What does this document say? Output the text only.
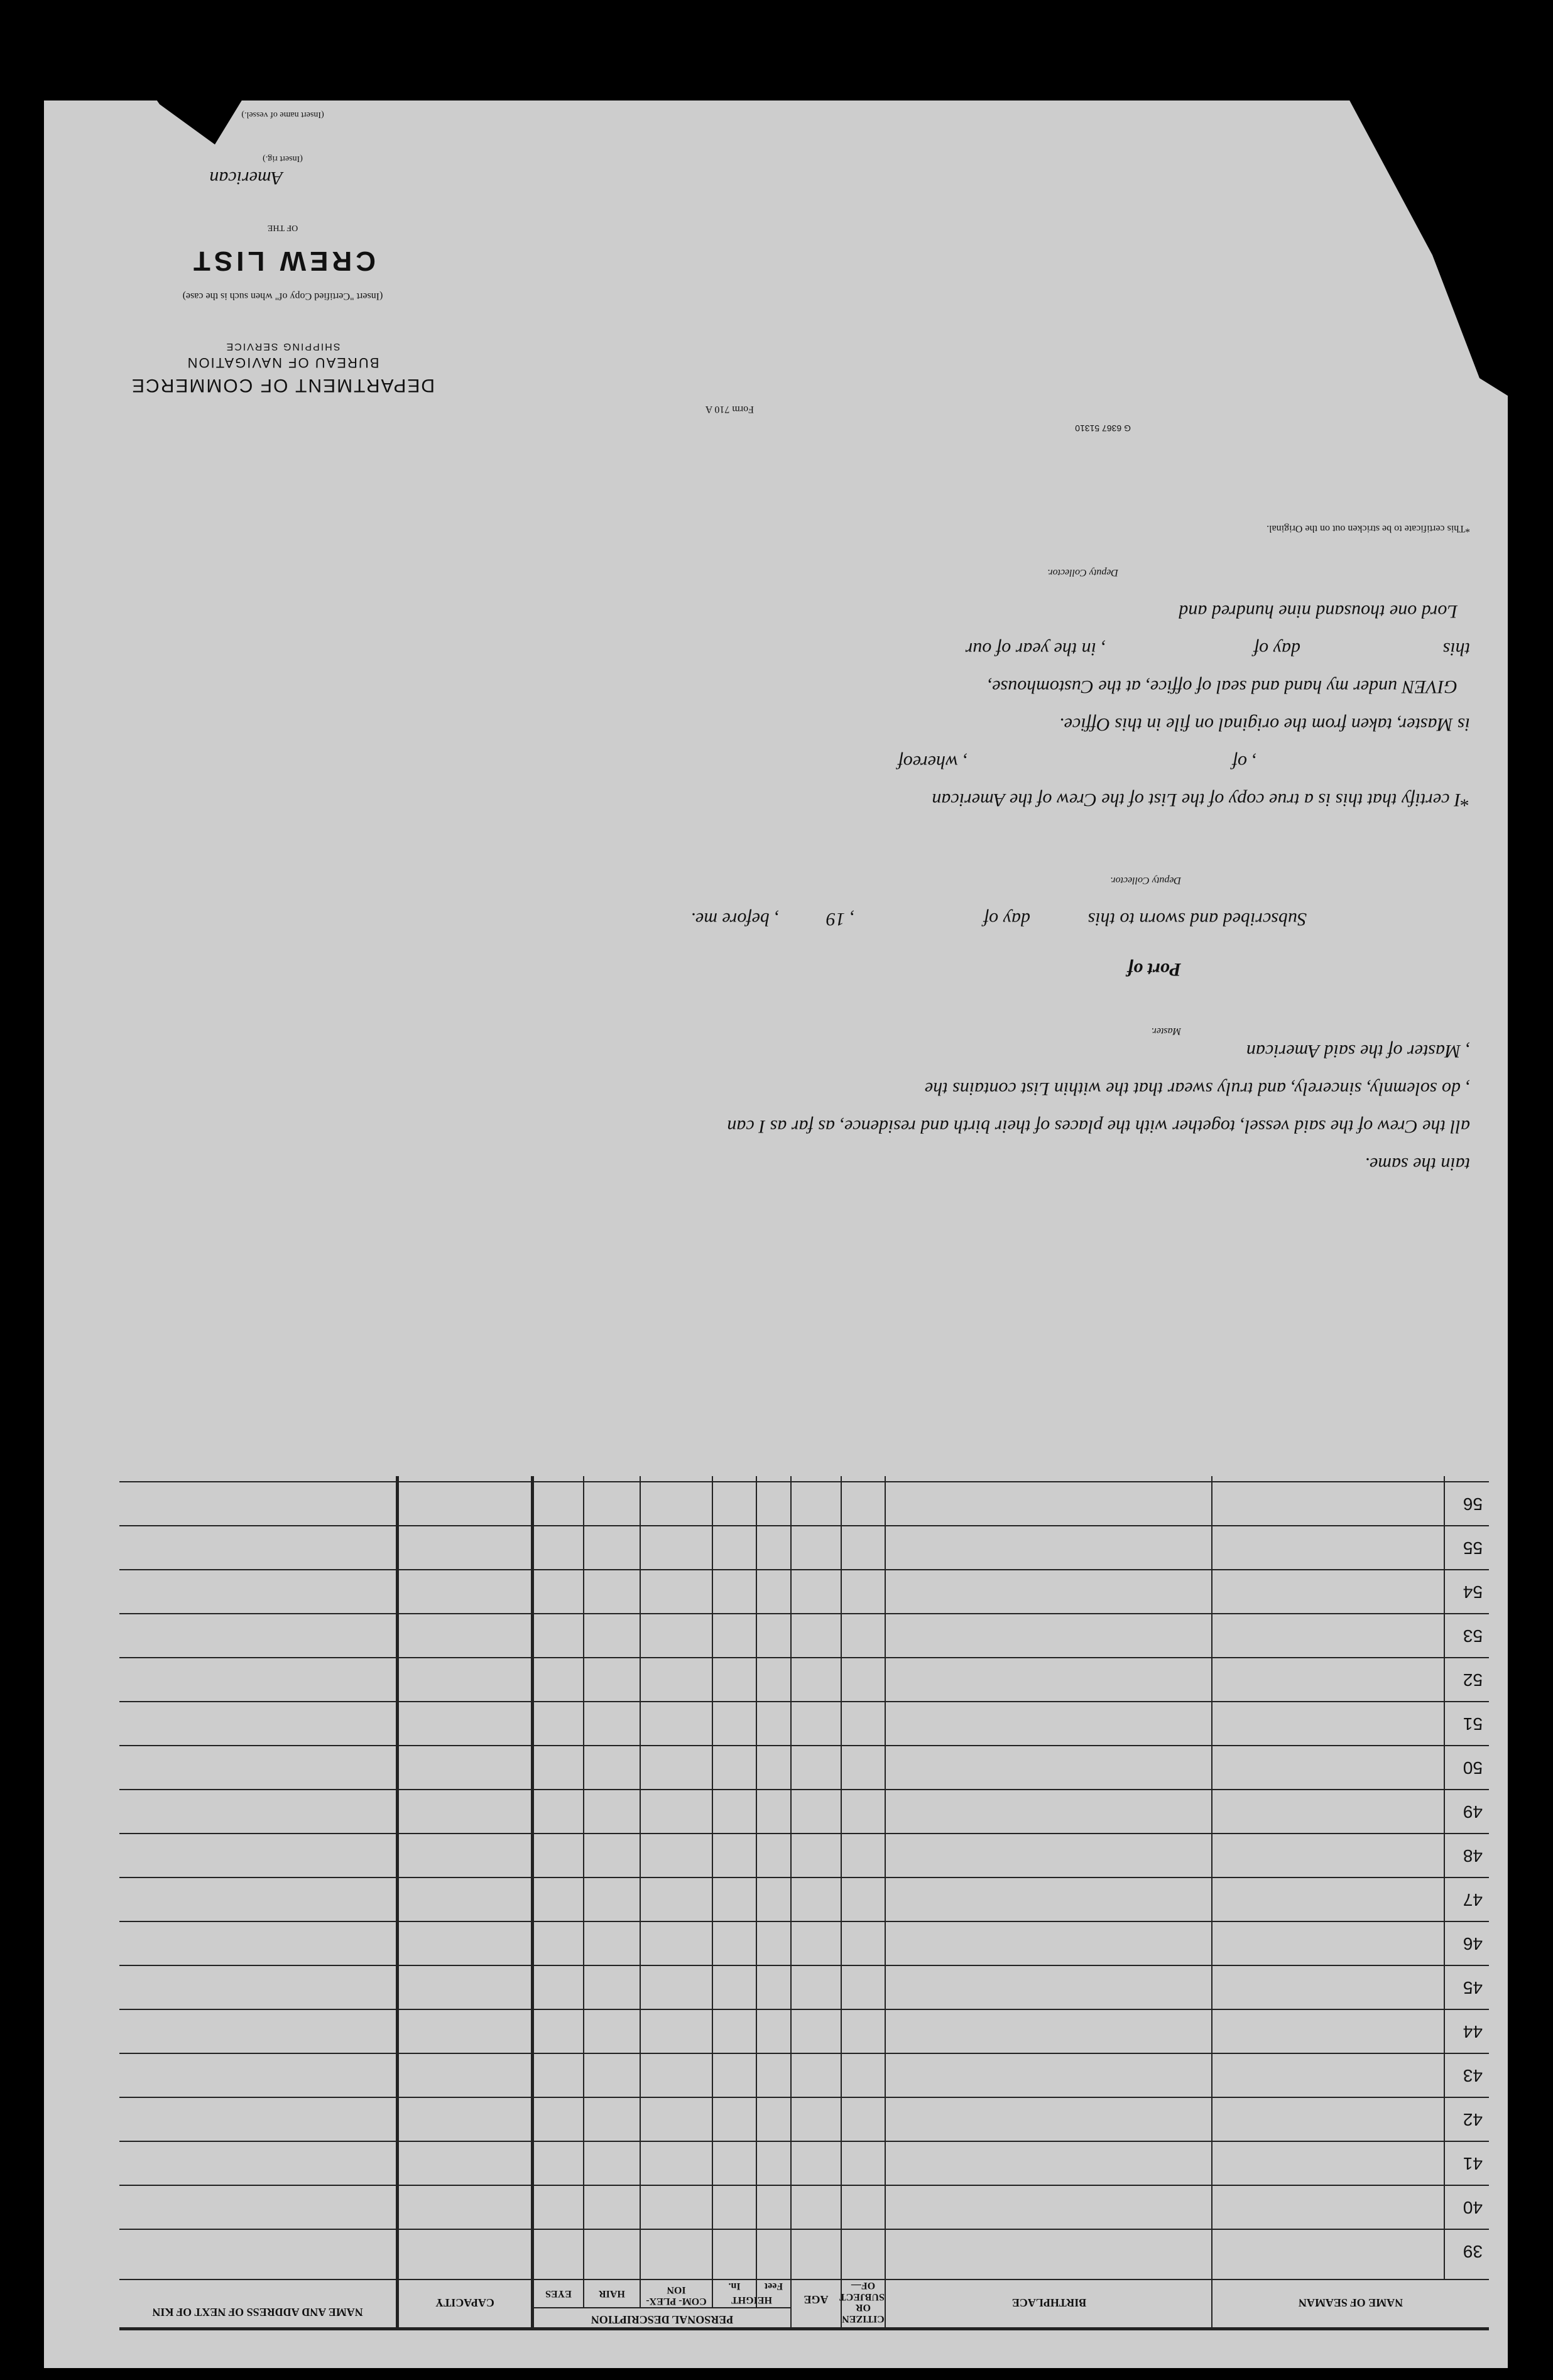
NAME OF SEAMAN
BIRTHPLACE
CITIZEN OR SUBJECT OF—
AGE
PERSONAL DESCRIPTION
HEIGHT
Feet
In.
COM- PLEX- ION
HAIR
EYES
CAPACITY
NAME AND ADDRESS OF NEXT OF KIN
39
40
41
42
43
44
45
46
47
48
49
50
51
52
53
54
55
56
tain the same.
all the Crew of the said vessel, together with the places of their birth and residence, as far as I can
, do solemnly, sincerely, and truly swear that the within List contains the
, Master of the said American
Master.
Port of
Subscribed and sworn to this
day of
, 19
, before me.
Deputy Collector.
*I certify that this is a true copy of the List of the Crew of the American
, of
, whereof
is Master, taken from the original on file in this Office.
GIVEN under my hand and seal of office, at the Customhouse,
this
day of
, in the year of our
Lord one thousand nine hundred and
Deputy Collector.
*This certificate to be stricken out on the Original.
G 6367 51310
Form 710 A
DEPARTMENT OF COMMERCE
BUREAU OF NAVIGATION
SHIPPING SERVICE
(Insert "Certified Copy of" when such is the case)
CREW LIST
OF THE
American
(Insert rig.)
(Insert name of vessel.)
